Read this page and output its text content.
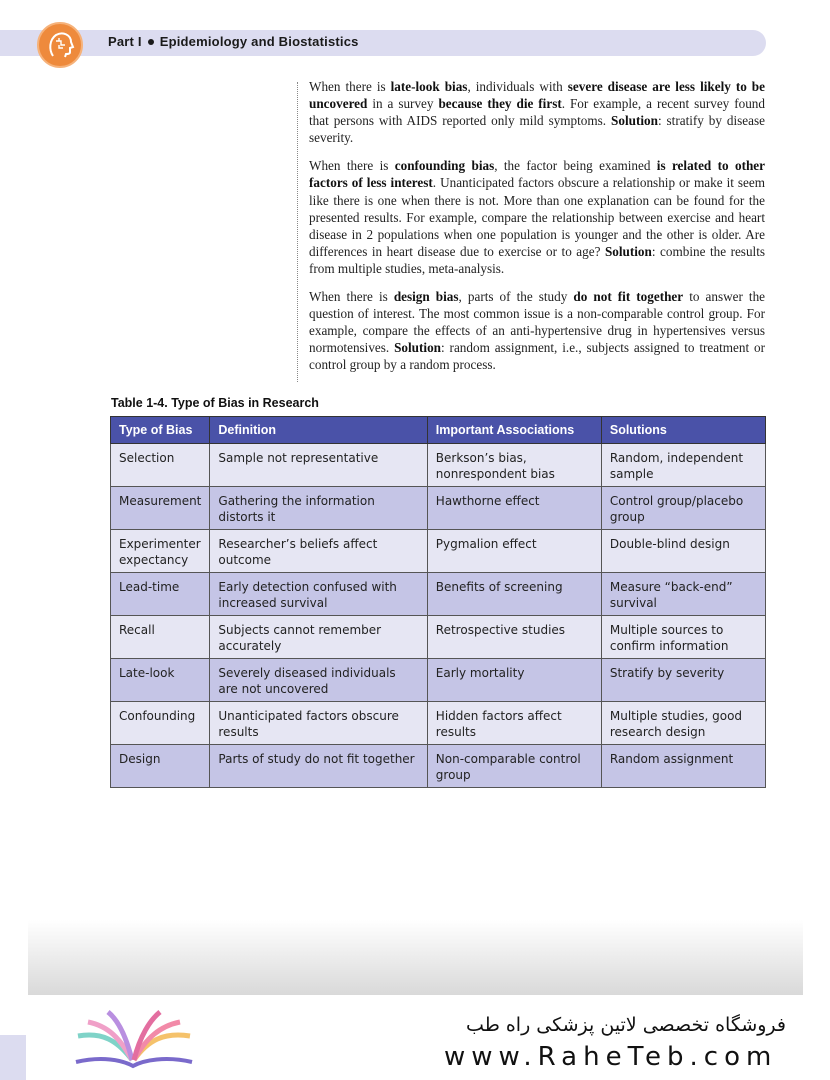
Part I Epidemiology and Biostatistics

When there is late-look bias, individuals with severe disease are less likely to be uncovered in a survey because they die first. For example, a recent survey found that persons with AIDS reported only mild symptoms. Solution: stratify by disease severity.

When there is confounding bias, the factor being examined is related to other factors of less interest. Unanticipated factors obscure a relationship or make it seem like there is one when there is not. More than one explanation can be found for the presented results. For example, compare the relationship between exercise and heart disease in 2 populations when one population is younger and the other is older. Are differences in heart disease due to exercise or to age? Solution: combine the results from multiple studies, meta-analysis.

When there is design bias, parts of the study do not fit together to answer the question of interest. The most common issue is a non-comparable control group. For example, compare the effects of an anti-hypertensive drug in hypertensives versus normotensives. Solution: random assignment, i.e., subjects assigned to treatment or control group by a random process.

Table 1-4. Type of Bias in Research
Type of Bias	Definition	Important Associations	Solutions
Selection	Sample not representative	Berkson’s bias, nonrespondent bias	Random, independent sample
Measurement	Gathering the information distorts it	Hawthorne effect	Control group/placebo group
Experimenter expectancy	Researcher’s beliefs affect outcome	Pygmalion effect	Double-blind design
Lead-time	Early detection confused with increased survival	Benefits of screening	Measure “back-end” survival
Recall	Subjects cannot remember accurately	Retrospective studies	Multiple sources to confirm information
Late-look	Severely diseased individuals are not uncovered	Early mortality	Stratify by severity
Confounding	Unanticipated factors obscure results	Hidden factors affect results	Multiple studies, good research design
Design	Parts of study do not fit together	Non-comparable control group	Random assignment
فروشگاه تخصصی لاتین پزشکی راه طب
www.RaheTeb.com
